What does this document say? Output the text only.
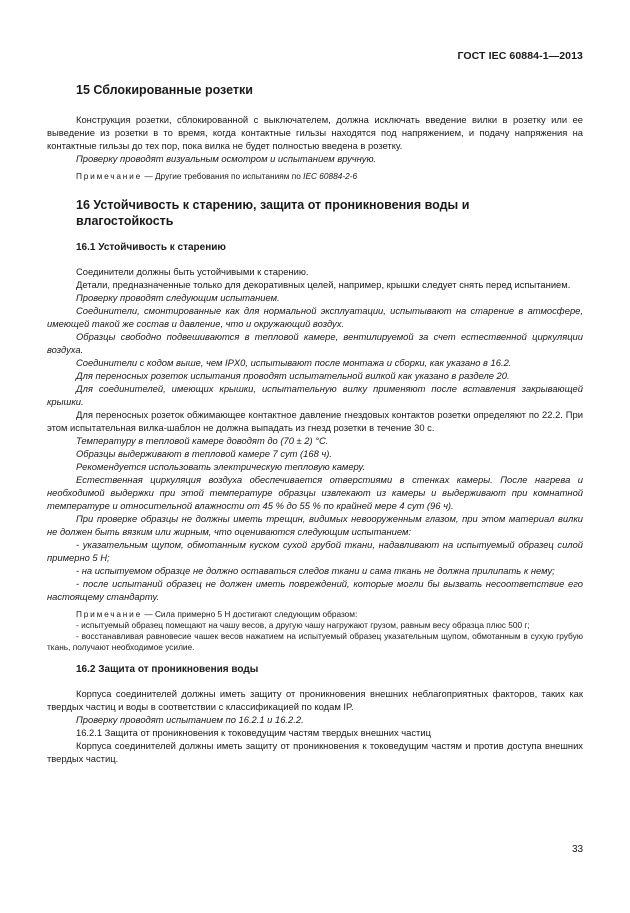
ГОСТ IEC 60884-1—2013
15 Сблокированные розетки

Конструкция розетки, сблокированной с выключателем, должна исключать введение вилки в розетку или ее выведение из розетки в то время, когда контактные гильзы находятся под напряжением, и подачу напряжения на контактные гильзы до тех пор, пока вилка не будет полностью введена в розетку.

Проверку проводят визуальным осмотром и испытанием вручную.

Примечание — Другие требования по испытаниям по IEC 60884-2-6

16 Устойчивость к старению, защита от проникновения воды и
влагостойкость
16.1 Устойчивость к старению

Соединители должны быть устойчивыми к старению.

Детали, предназначенные только для декоративных целей, например, крышки следует снять перед испытанием.

Проверку проводят следующим испытанием.

Соединители, смонтированные как для нормальной эксплуатации, испытывают на старение в атмосфере, имеющей такой же состав и давление, что и окружающий воздух.

Образцы свободно подвешиваются в тепловой камере, вентилируемой за счет естественной циркуляции воздуха.

Соединители с кодом выше, чем IPX0, испытывают после монтажа и сборки, как указано в 16.2.

Для переносных розеток испытания проводят испытательной вилкой как указано в разделе 20.

Для соединителей, имеющих крышки, испытательную вилку применяют после вставления закрывающей крышки.

Для переносных розеток обжимающее контактное давление гнездовых контактов розетки определяют по 22.2. При этом испытательная вилка-шаблон не должна выпадать из гнезд розетки в течение 30 с.

Температуру в тепловой камере доводят до (70 ± 2) °С.

Образцы выдерживают в тепловой камере 7 сут (168 ч).

Рекомендуется использовать электрическую тепловую камеру.

Естественная циркуляция воздуха обеспечивается отверстиями в стенках камеры. После нагрева и необходимой выдержки при этой температуре образцы извлекают из камеры и выдерживают при комнатной температуре и относительной влажности от 45 % до 55 % по крайней мере 4 сут (96 ч).

При проверке образцы не должны иметь трещин, видимых невооруженным глазом, при этом материал вилки не должен быть вязким или жирным, что оцениваются следующим испытанием:

- указательным щупом, обмотанным куском сухой грубой ткани, надавливают на испытуемый образец силой примерно 5 Н;

- на испытуемом образце не должно оставаться следов ткани и сама ткань не должна прилипать к нему;

- после испытаний образец не должен иметь повреждений, которые могли бы вызвать несоответствие его настоящему стандарту.

Примечание — Сила примерно 5 Н достигают следующим образом:

- испытуемый образец помещают на чашу весов, а другую чашу нагружают грузом, равным весу образца плюс 500 г;

- восстанавливая равновесие чашек весов нажатием на испытуемый образец указательным щупом, обмотанным в сухую грубую ткань, получают необходимое усилие.

16.2 Защита от проникновения воды

Корпуса соединителей должны иметь защиту от проникновения внешних неблагоприятных факторов, таких как твердых частиц и воды в соответствии с классификацией по кодам IP.

Проверку проводят испытанием по 16.2.1 и 16.2.2.

16.2.1 Защита от проникновения к токоведущим частям твердых внешних частиц

Корпуса соединителей должны иметь защиту от проникновения к токоведущим частям и против доступа внешних твердых частиц.

33
